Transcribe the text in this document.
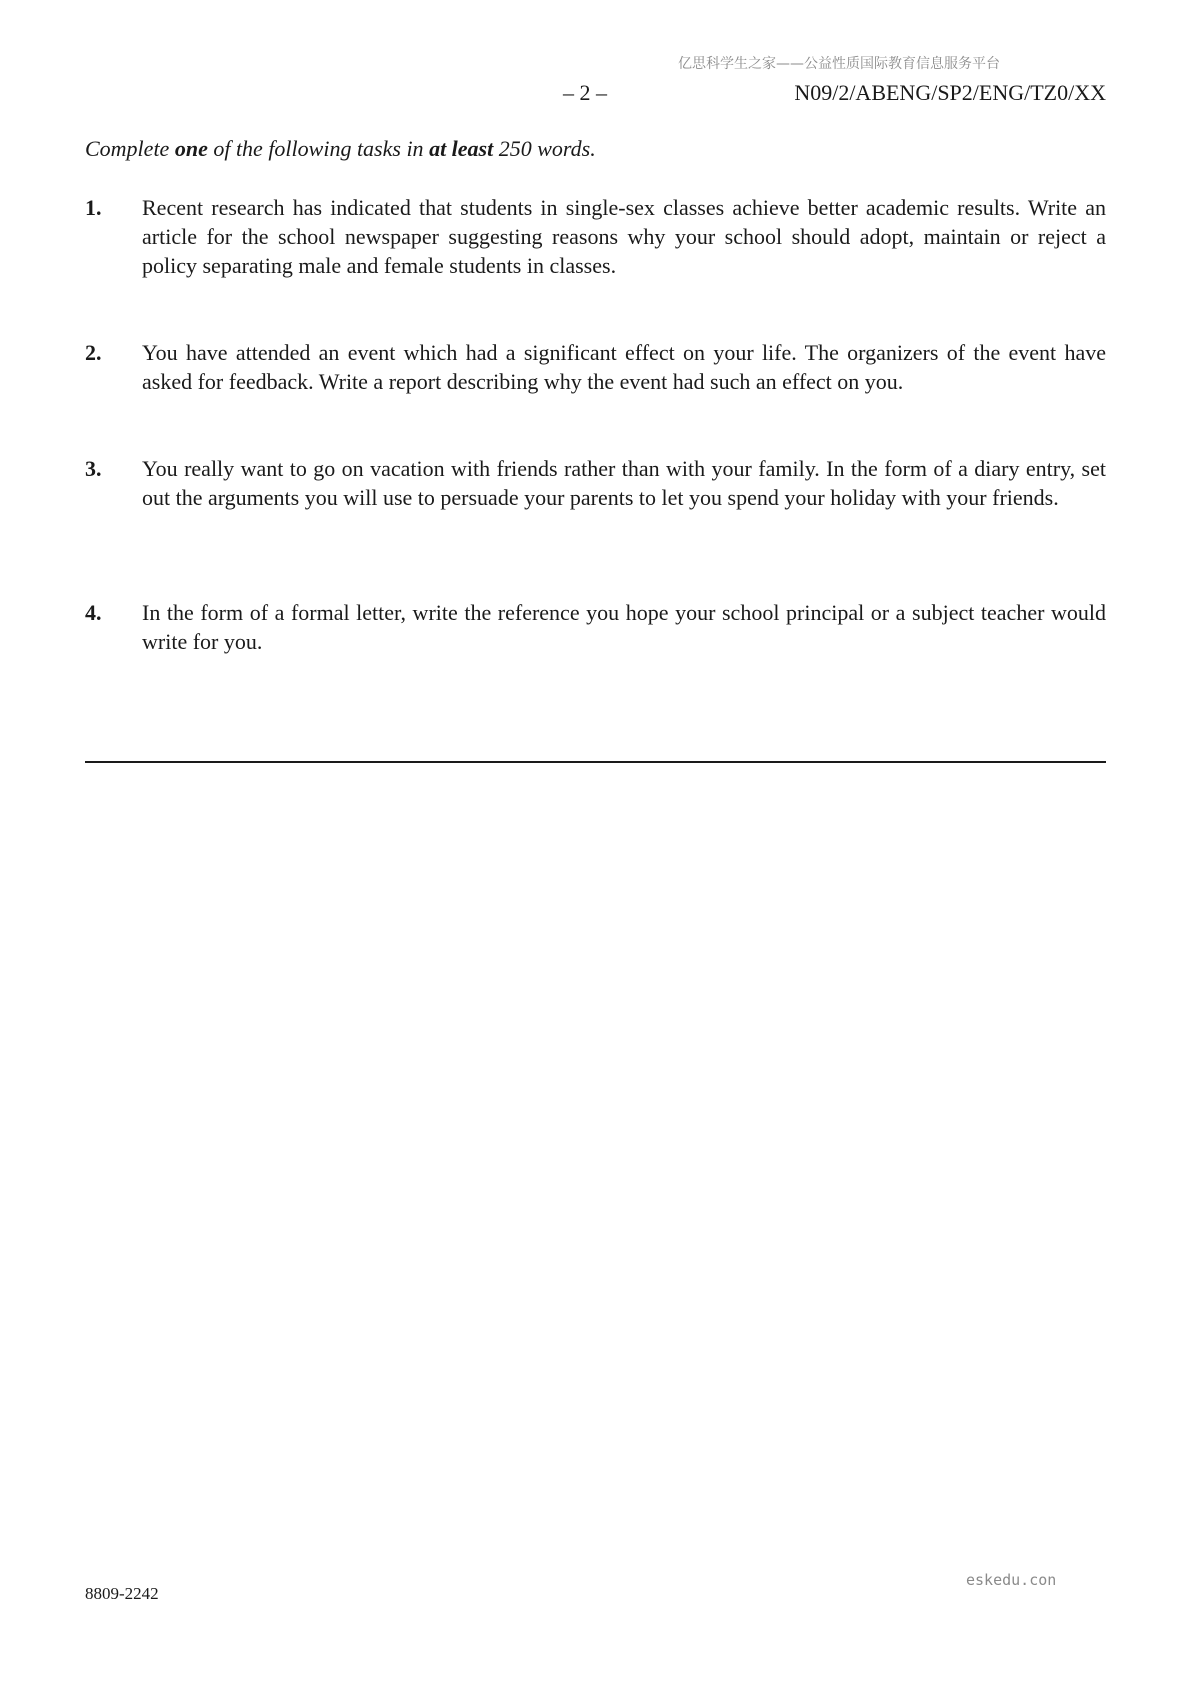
亿思科学生之家——公益性质国际教育信息服务平台
– 2 –	N09/2/ABENG/SP2/ENG/TZ0/XX
Complete one of the following tasks in at least 250 words.
1. Recent research has indicated that students in single-sex classes achieve better academic results. Write an article for the school newspaper suggesting reasons why your school should adopt, maintain or reject a policy separating male and female students in classes.
2. You have attended an event which had a significant effect on your life. The organizers of the event have asked for feedback. Write a report describing why the event had such an effect on you.
3. You really want to go on vacation with friends rather than with your family. In the form of a diary entry, set out the arguments you will use to persuade your parents to let you spend your holiday with your friends.
4. In the form of a formal letter, write the reference you hope your school principal or a subject teacher would write for you.
8809-2242
eskedu.con
